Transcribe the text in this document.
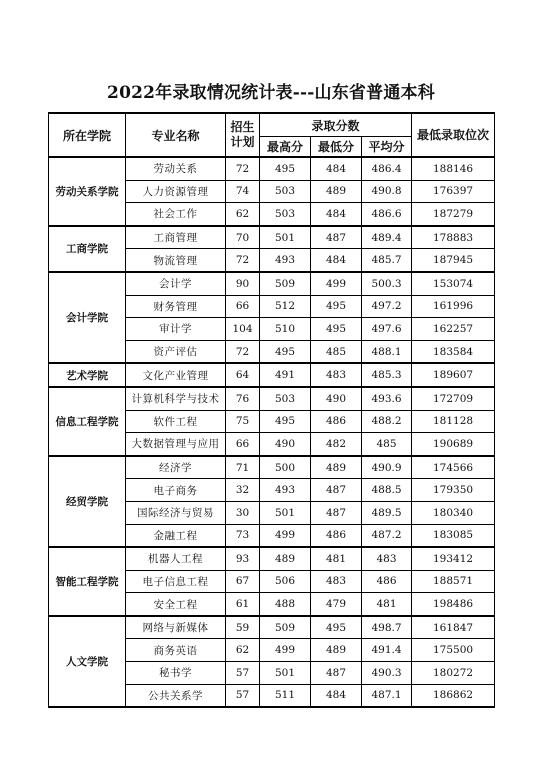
2022年录取情况统计表---山东省普通本科
所在学院	专业名称	招生计划	录取分数			最低录取位次
			最高分	最低分	平均分	
劳动关系学院	劳动关系	72	495	484	486.4	188146
	人力资源管理	74	503	489	490.8	176397
	社会工作	62	503	484	486.6	187279
工商学院	工商管理	70	501	487	489.4	178883
	物流管理	72	493	484	485.7	187945
会计学院	会计学	90	509	499	500.3	153074
	财务管理	66	512	495	497.2	161996
	审计学	104	510	495	497.6	162257
	资产评估	72	495	485	488.1	183584
艺术学院	文化产业管理	64	491	483	485.3	189607
信息工程学院	计算机科学与技术	76	503	490	493.6	172709
	软件工程	75	495	486	488.2	181128
	大数据管理与应用	66	490	482	485	190689
经贸学院	经济学	71	500	489	490.9	174566
	电子商务	32	493	487	488.5	179350
	国际经济与贸易	30	501	487	489.5	180340
	金融工程	73	499	486	487.2	183085
智能工程学院	机器人工程	93	489	481	483	193412
	电子信息工程	67	506	483	486	188571
	安全工程	61	488	479	481	198486
人文学院	网络与新媒体	59	509	495	498.7	161847
	商务英语	62	499	489	491.4	175500
	秘书学	57	501	487	490.3	180272
	公共关系学	57	511	484	487.1	186862
